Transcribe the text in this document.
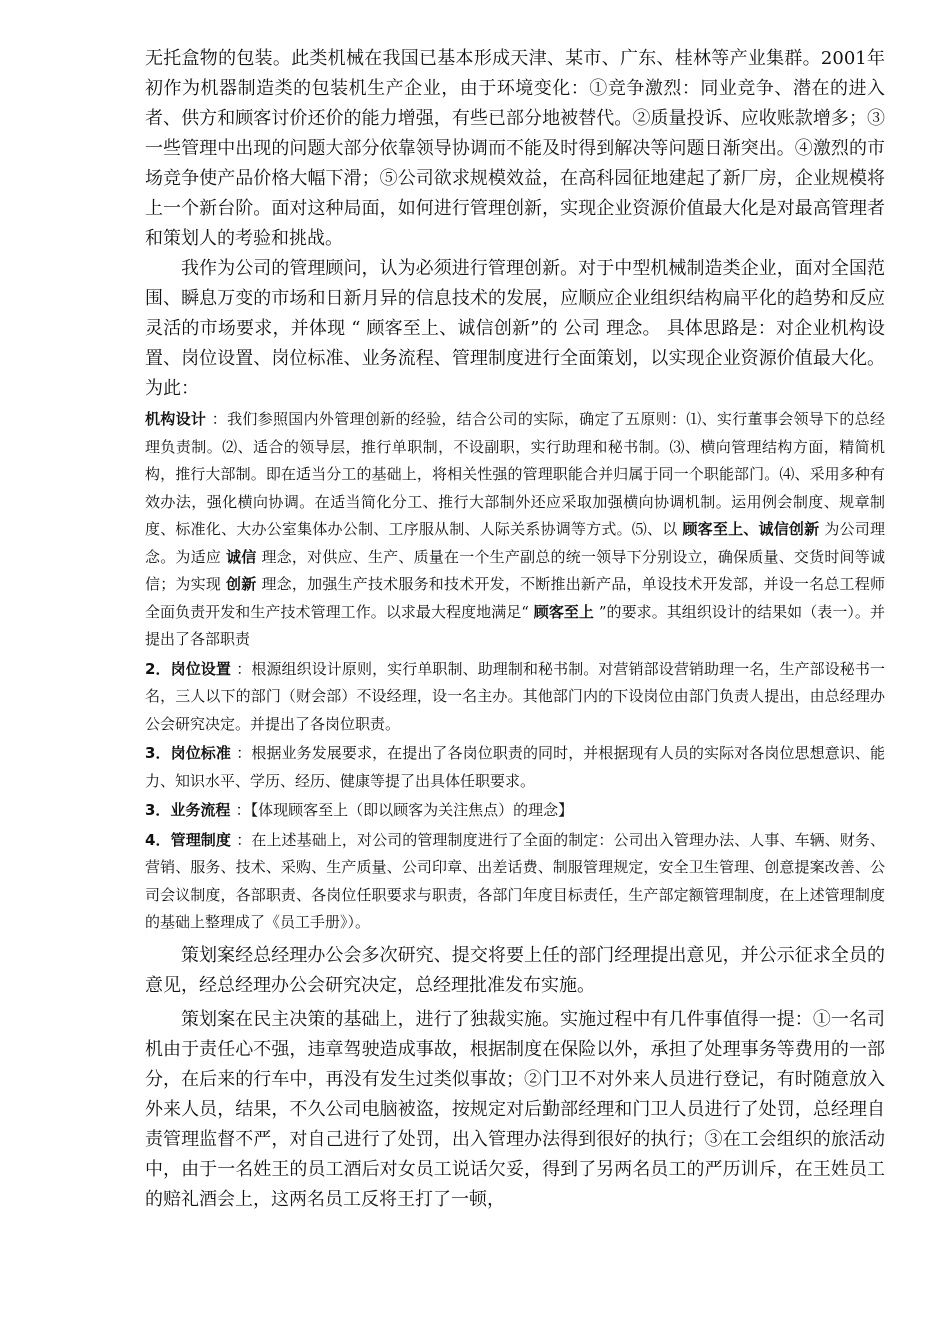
无托盒物的包装。此类机械在我国已基本形成天津、某市、广东、桂林等产业集群。2001年初作为机器制造类的包装机生产企业，由于环境变化：①竞争激烈：同业竞争、潜在的进入者、供方和顾客讨价还价的能力增强，有些已部分地被替代。②质量投诉、应收账款增多；③一些管理中出现的问题大部分依靠领导协调而不能及时得到解决等问题日渐突出。④激烈的市场竞争使产品价格大幅下滑；⑤公司欲求规模效益，在高科园征地建起了新厂房，企业规模将上一个新台阶。面对这种局面，如何进行管理创新，实现企业资源价值最大化是对最高管理者和策划人的考验和挑战。

我作为公司的管理顾问，认为必须进行管理创新。对于中型机械制造类企业，面对全国范围、瞬息万变的市场和日新月异的信息技术的发展，应顺应企业组织结构扁平化的趋势和反应灵活的市场要求，并体现 “ 顾客至上、诚信创新”的 公司 理念。 具体思路是：对企业机构设置、岗位设置、岗位标准、业务流程、管理制度进行全面策划，以实现企业资源价值最大化。 为此：

机构设计 ：我们参照国内外管理创新的经验，结合公司的实际，确定了五原则：⑴、实行董事会领导下的总经理负责制。⑵、适合的领导层，推行单职制，不设副职，实行助理和秘书制。⑶、横向管理结构方面，精简机构，推行大部制。即在适当分工的基础上，将相关性强的管理职能合并归属于同一个职能部门。⑷、采用多种有效办法，强化横向协调。在适当简化分工、推行大部制外还应采取加强横向协调机制。运用例会制度、规章制度、标准化、大办公室集体办公制、工序服从制、人际关系协调等方式。⑸、以 顾客至上、诚信创新 为公司理念。为适应 诚信 理念，对供应、生产、质量在一个生产副总的统一领导下分别设立，确保质量、交货时间等诚信；为实现 创新 理念，加强生产技术服务和技术开发，不断推出新产品，单设技术开发部，并设一名总工程师全面负责开发和生产技术管理工作。以求最大程度地满足“ 顾客至上 ”的要求。其组织设计的结果如（表一）。并提出了各部职责

2．岗位设置 ：根源组织设计原则，实行单职制、助理制和秘书制。对营销部设营销助理一名，生产部设秘书一名，三人以下的部门（财会部）不设经理，设一名主办。其他部门内的下设岗位由部门负责人提出，由总经理办公会研究决定。并提出了各岗位职责。

3．岗位标准 ：根据业务发展要求，在提出了各岗位职责的同时，并根据现有人员的实际对各岗位思想意识、能力、知识水平、学历、经历、健康等提了出具体任职要求。

3．业务流程 ：【体现顾客至上（即以顾客为关注焦点）的理念】

4．管理制度 ：在上述基础上，对公司的管理制度进行了全面的制定：公司出入管理办法、人事、车辆、财务、营销、服务、技术、采购、生产质量、公司印章、出差话费、制服管理规定，安全卫生管理、创意提案改善、公司会议制度，各部职责、各岗位任职要求与职责，各部门年度目标责任，生产部定额管理制度，在上述管理制度的基础上整理成了《员工手册》）。

策划案经总经理办公会多次研究、提交将要上任的部门经理提出意见，并公示征求全员的意见，经总经理办公会研究决定，总经理批准发布实施。

策划案在民主决策的基础上，进行了独裁实施。实施过程中有几件事值得一提：①一名司机由于责任心不强，违章驾驶造成事故，根据制度在保险以外，承担了处理事务等费用的一部分，在后来的行车中，再没有发生过类似事故；②门卫不对外来人员进行登记，有时随意放入外来人员，结果，不久公司电脑被盗，按规定对后勤部经理和门卫人员进行了处罚，总经理自责管理监督不严，对自己进行了处罚，出入管理办法得到很好的执行；③在工会组织的旅活动中，由于一名姓王的员工酒后对女员工说话欠妥，得到了另两名员工的严历训斥，在王姓员工的赔礼酒会上，这两名员工反将王打了一顿，
